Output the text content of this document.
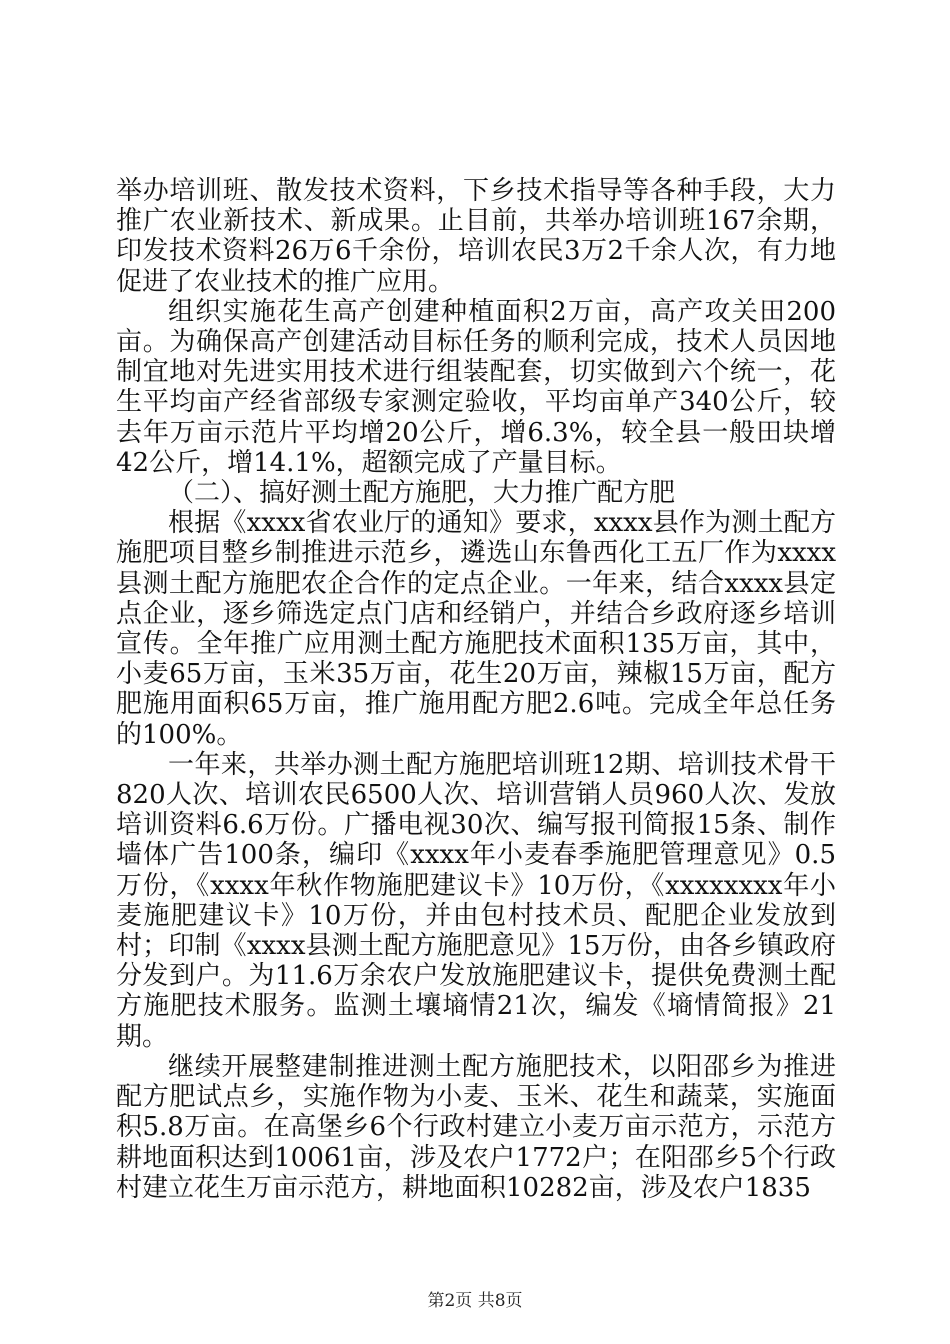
举办培训班、散发技术资料，下乡技术指导等各种手段，大力推广农业新技术、新成果。止目前，共举办培训班167余期，印发技术资料26万6千余份，培训农民3万2千余人次，有力地促进了农业技术的推广应用。

组织实施花生高产创建种植面积2万亩，高产攻关田200亩。为确保高产创建活动目标任务的顺利完成，技术人员因地制宜地对先进实用技术进行组装配套，切实做到六个统一，花生平均亩产经省部级专家测定验收，平均亩单产340公斤，较去年万亩示范片平均增20公斤，增6.3%，较全县一般田块增42公斤，增14.1%，超额完成了产量目标。

（二）、搞好测土配方施肥，大力推广配方肥

根据《xxxx省农业厅的通知》要求，xxxx县作为测土配方施肥项目整乡制推进示范乡，遴选山东鲁西化工五厂作为xxxx县测土配方施肥农企合作的定点企业。一年来，结合xxxx县定点企业，逐乡筛选定点门店和经销户，并结合乡政府逐乡培训宣传。全年推广应用测土配方施肥技术面积135万亩，其中，小麦65万亩，玉米35万亩，花生20万亩，辣椒15万亩，配方肥施用面积65万亩，推广施用配方肥2.6吨。完成全年总任务的100%。

一年来，共举办测土配方施肥培训班12期、培训技术骨干820人次、培训农民6500人次、培训营销人员960人次、发放培训资料6.6万份。广播电视30次、编写报刊简报15条、制作墙体广告100条，编印《xxxx年小麦春季施肥管理意见》0.5万份，《xxxx年秋作物施肥建议卡》10万份，《xxxxxxxx年小麦施肥建议卡》10万份，并由包村技术员、配肥企业发放到村；印制《xxxx县测土配方施肥意见》15万份，由各乡镇政府分发到户。为11.6万余农户发放施肥建议卡，提供免费测土配方施肥技术服务。监测土壤墒情21次，编发《墒情简报》21期。

继续开展整建制推进测土配方施肥技术，以阳邵乡为推进配方肥试点乡，实施作物为小麦、玉米、花生和蔬菜，实施面积5.8万亩。在高堡乡6个行政村建立小麦万亩示范方，示范方耕地面积达到10061亩，涉及农户1772户；在阳邵乡5个行政村建立花生万亩示范方，耕地面积10282亩，涉及农户1835

第2页 共8页
